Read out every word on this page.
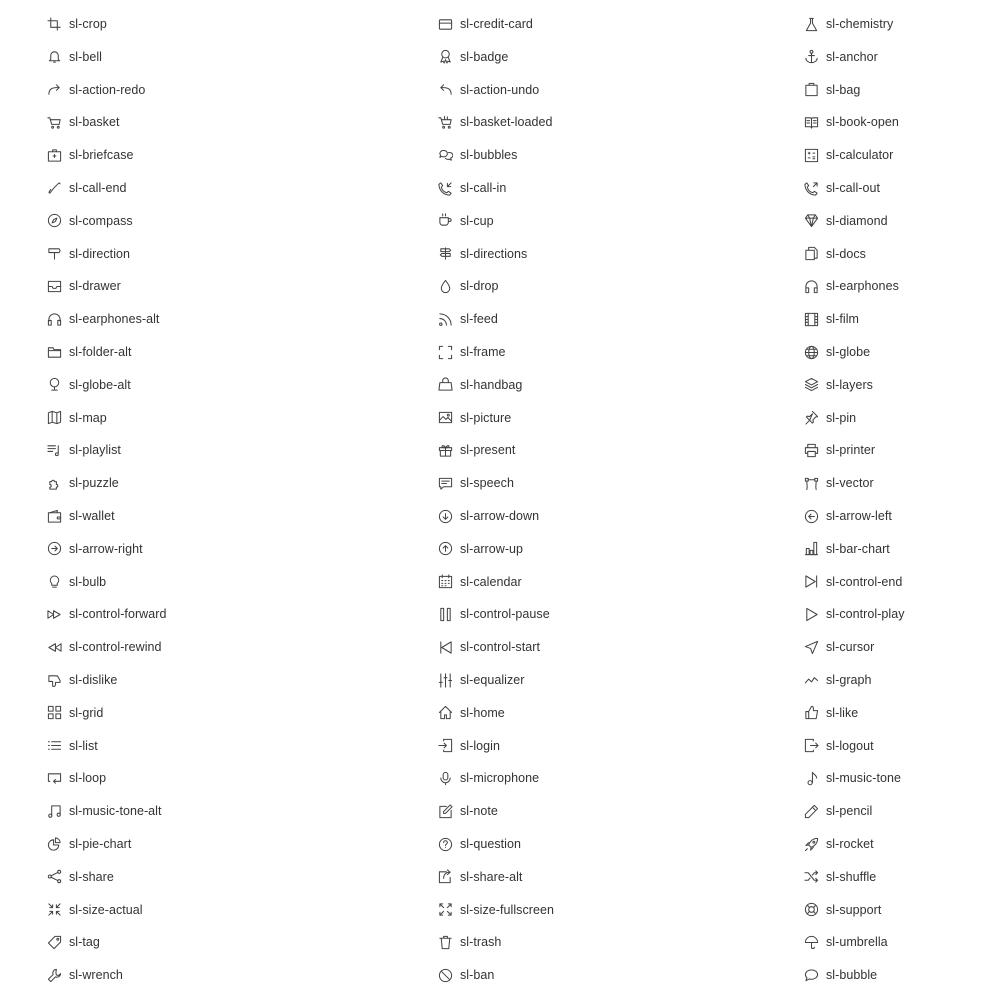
sl-crop
sl-bell
sl-action-redo
sl-basket
sl-briefcase
sl-call-end
sl-compass
sl-direction
sl-drawer
sl-earphones-alt
sl-folder-alt
sl-globe-alt
sl-map
sl-playlist
sl-puzzle
sl-wallet
sl-arrow-right
sl-bulb
sl-control-forward
sl-control-rewind
sl-dislike
sl-grid
sl-list
sl-loop
sl-music-tone-alt
sl-pie-chart
sl-share
sl-size-actual
sl-tag
sl-wrench
sl-credit-card
sl-badge
sl-action-undo
sl-basket-loaded
sl-bubbles
sl-call-in
sl-cup
sl-directions
sl-drop
sl-feed
sl-frame
sl-handbag
sl-picture
sl-present
sl-speech
sl-arrow-down
sl-arrow-up
sl-calendar
sl-control-pause
sl-control-start
sl-equalizer
sl-home
sl-login
sl-microphone
sl-note
sl-question
sl-share-alt
sl-size-fullscreen
sl-trash
sl-ban
sl-chemistry
sl-anchor
sl-bag
sl-book-open
sl-calculator
sl-call-out
sl-diamond
sl-docs
sl-earphones
sl-film
sl-globe
sl-layers
sl-pin
sl-printer
sl-vector
sl-arrow-left
sl-bar-chart
sl-control-end
sl-control-play
sl-cursor
sl-graph
sl-like
sl-logout
sl-music-tone
sl-pencil
sl-rocket
sl-shuffle
sl-support
sl-umbrella
sl-bubble
